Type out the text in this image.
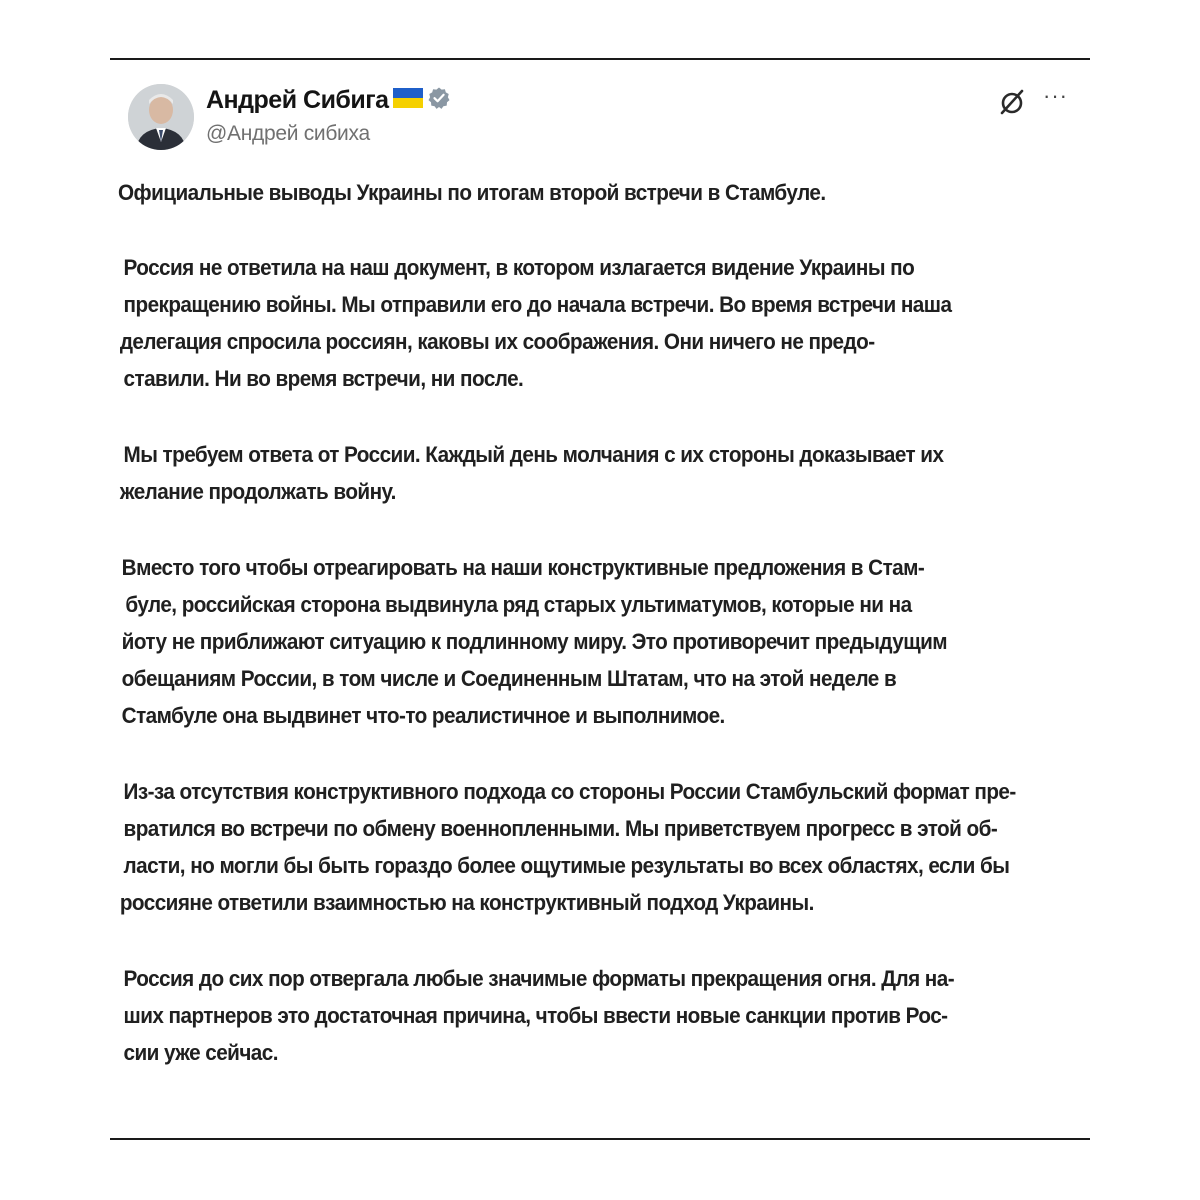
Андрей Сибига
@Андрей сибиха
···

Официальные выводы Украины по итогам второй встречи в Стамбуле.

Россия не ответила на наш документ, в котором излагается видение Украины по
прекращению войны. Мы отправили его до начала встречи. Во время встречи наша
делегация спросила россиян, каковы их соображения. Они ничего не предо-
ставили. Ни во время встречи, ни после.

Мы требуем ответа от России. Каждый день молчания с их стороны доказывает их
желание продолжать войну.

Вместо того чтобы отреагировать на наши конструктивные предложения в Стам-
буле, российская сторона выдвинула ряд старых ультиматумов, которые ни на
йоту не приближают ситуацию к подлинному миру. Это противоречит предыдущим
обещаниям России, в том числе и Соединенным Штатам, что на этой неделе в
Стамбуле она выдвинет что-то реалистичное и выполнимое.

Из-за отсутствия конструктивного подхода со стороны России Стамбульский формат пре-
вратился во встречи по обмену военнопленными. Мы приветствуем прогресс в этой об-
ласти, но могли бы быть гораздо более ощутимые результаты во всех областях, если бы
россияне ответили взаимностью на конструктивный подход Украины.

Россия до сих пор отвергала любые значимые форматы прекращения огня. Для на-
ших партнеров это достаточная причина, чтобы ввести новые санкции против Рос-
сии уже сейчас.
